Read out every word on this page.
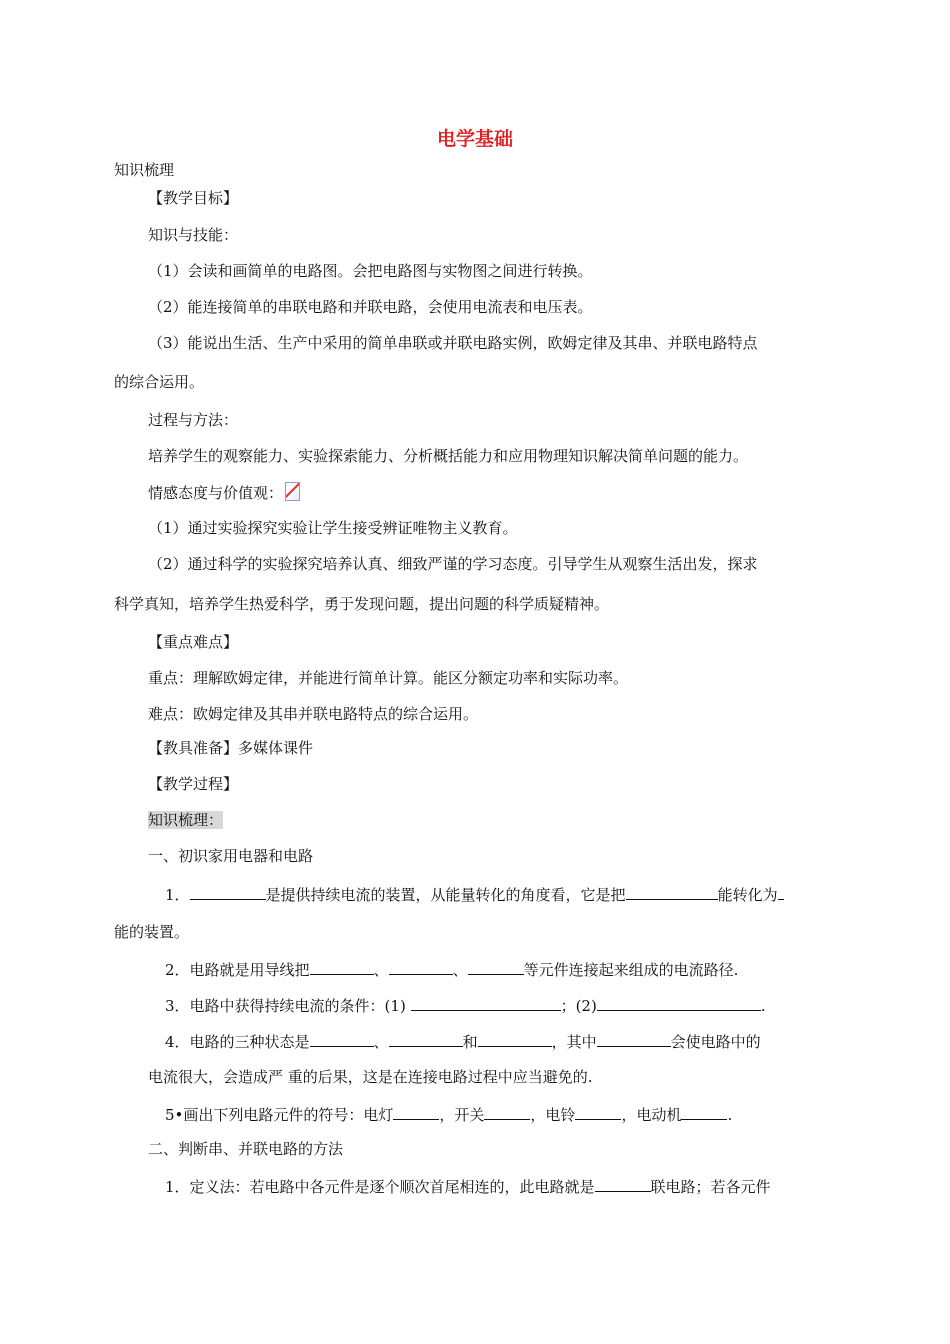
电学基础
知识梳理
【教学目标】
知识与技能：
（1）会读和画简单的电路图。会把电路图与实物图之间进行转换。
（2）能连接简单的串联电路和并联电路，会使用电流表和电压表。
（3）能说出生活、生产中采用的简单串联或并联电路实例，欧姆定律及其串、并联电路特点
的综合运用。
过程与方法：
培养学生的观察能力、实验探索能力、分析概括能力和应用物理知识解决简单问题的能力。
情感态度与价值观：
（1）通过实验探究实验让学生接受辨证唯物主义教育。
（2）通过科学的实验探究培养认真、细致严谨的学习态度。引导学生从观察生活出发，探求
科学真知，培养学生热爱科学，勇于发现问题，提出问题的科学质疑精神。
【重点难点】
重点：理解欧姆定律，并能进行简单计算。能区分额定功率和实际功率。
难点：欧姆定律及其串并联电路特点的综合运用。
【教具准备】多媒体课件
【教学过程】
知识梳理：
一、初识家用电器和电路
1．	是提供持续电流的装置，从能量转化的角度看，它是把	能转化为
能的装置。
2．电路就是用导线把	、	、	等元件连接起来组成的电流路径.
3．电路中获得持续电流的条件：(1)	；(2)	.
4．电路的三种状态是	、	和	，其中	会使电路中的
电流很大，会造成严 重的后果，这是在连接电路过程中应当避免的.
5•画出下列电路元件的符号：电灯	，开关	，电铃	，电动机	.
二、判断串、并联电路的方法
1．定义法：若电路中各元件是逐个顺次首尾相连的，此电路就是	联电路；若各元件
